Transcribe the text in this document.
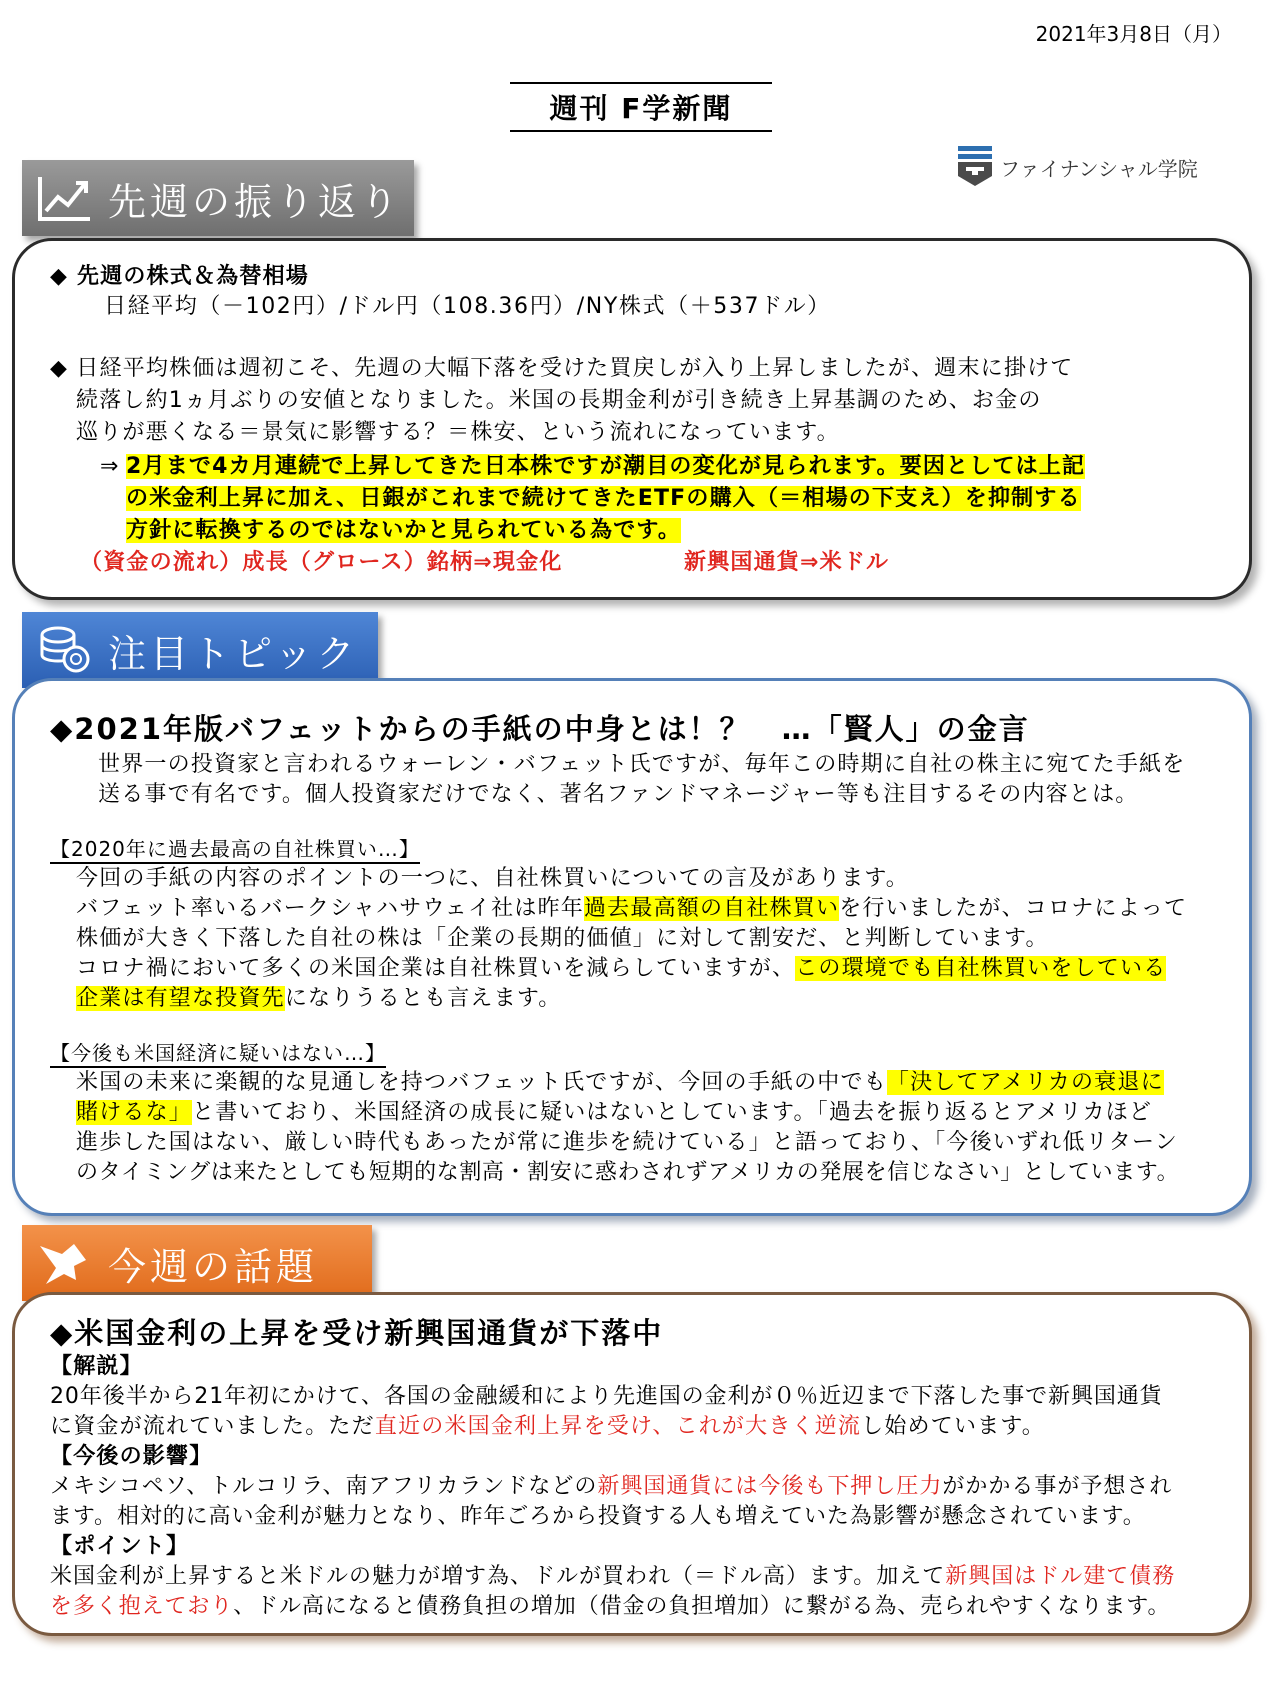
2021年3月8日（月）
週刊 F学新聞
ファイナンシャル学院
先週の振り返り
◆ 先週の株式＆為替相場
日経平均（－102円）/ドル円（108.36円）/NY株式（＋537ドル）
◆ 日経平均株価は週初こそ、先週の大幅下落を受けた買戻しが入り上昇しましたが、週末に掛けて
続落し約1ヵ月ぶりの安値となりました。米国の長期金利が引き続き上昇基調のため、お金の
巡りが悪くなる＝景気に影響する？＝株安、という流れになっています。
⇒ 2月まで4カ月連続で上昇してきた日本株ですが潮目の変化が見られます。要因としては上記
の米金利上昇に加え、日銀がこれまで続けてきたETFの購入（＝相場の下支え）を抑制する
方針に転換するのではないかと見られている為です。
（資金の流れ）成長（グロース）銘柄⇒現金化	新興国通貨⇒米ドル
注目トピック
◆2021年版バフェットからの手紙の中身とは！？　…「賢人」の金言
世界一の投資家と言われるウォーレン・バフェット氏ですが、毎年この時期に自社の株主に宛てた手紙を
送る事で有名です。個人投資家だけでなく、著名ファンドマネージャー等も注目するその内容とは。
【2020年に過去最高の自社株買い…】
今回の手紙の内容のポイントの一つに、自社株買いについての言及があります。
バフェット率いるバークシャハサウェイ社は昨年過去最高額の自社株買いを行いましたが、コロナによって
株価が大きく下落した自社の株は「企業の長期的価値」に対して割安だ、と判断しています。
コロナ禍において多くの米国企業は自社株買いを減らしていますが、この環境でも自社株買いをしている
企業は有望な投資先になりうるとも言えます。
【今後も米国経済に疑いはない…】
米国の未来に楽観的な見通しを持つバフェット氏ですが、今回の手紙の中でも「決してアメリカの衰退に
賭けるな」と書いており、米国経済の成長に疑いはないとしています。「過去を振り返るとアメリカほど
進歩した国はない、厳しい時代もあったが常に進歩を続けている」と語っており、「今後いずれ低リターン
のタイミングは来たとしても短期的な割高・割安に惑わされずアメリカの発展を信じなさい」としています。
今週の話題
◆米国金利の上昇を受け新興国通貨が下落中
【解説】
20年後半から21年初にかけて、各国の金融緩和により先進国の金利が０％近辺まで下落した事で新興国通貨
に資金が流れていました。ただ直近の米国金利上昇を受け、これが大きく逆流し始めています。
【今後の影響】
メキシコペソ、トルコリラ、南アフリカランドなどの新興国通貨には今後も下押し圧力がかかる事が予想され
ます。相対的に高い金利が魅力となり、昨年ごろから投資する人も増えていた為影響が懸念されています。
【ポイント】
米国金利が上昇すると米ドルの魅力が増す為、ドルが買われ（＝ドル高）ます。加えて新興国はドル建て債務
を多く抱えており、ドル高になると債務負担の増加（借金の負担増加）に繋がる為、売られやすくなります。
